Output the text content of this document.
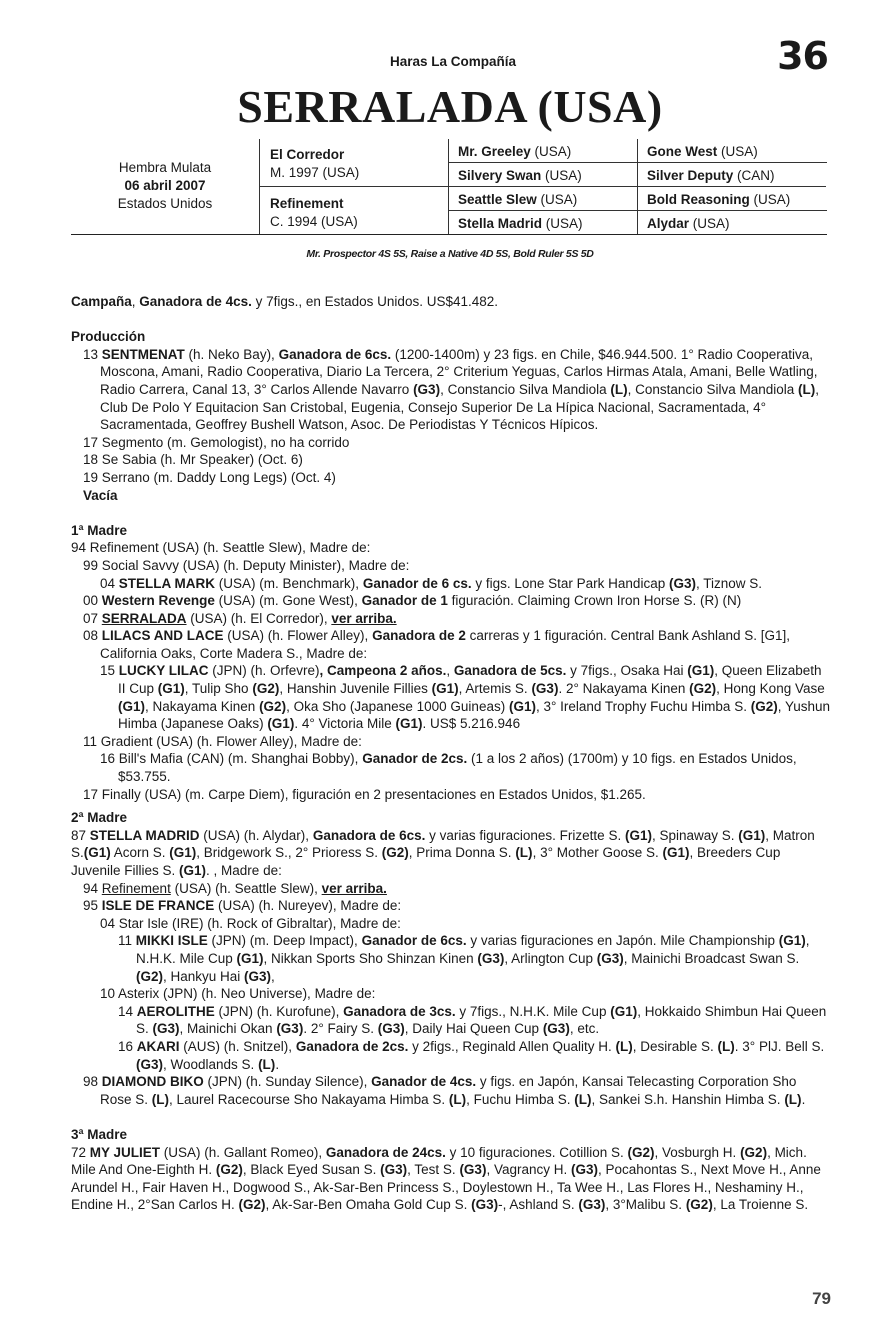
Haras La Compañía	36
SERRALADA (USA)
Hembra Mulata
06 abril 2007
Estados Unidos
El Corredor
M. 1997 (USA)
Refinement
C. 1994 (USA)
Mr. Greeley (USA)
Silvery Swan (USA)
Seattle Slew (USA)
Stella Madrid (USA)
Gone West (USA)
Silver Deputy (CAN)
Bold Reasoning (USA)
Alydar (USA)
Mr. Prospector 4S 5S, Raise a Native 4D 5S, Bold Ruler 5S 5D

Campaña, Ganadora de 4cs. y 7figs., en Estados Unidos. US$41.482.

Producción

13 SENTMENAT (h. Neko Bay), Ganadora de 6cs. (1200-1400m) y 23 figs. en Chile, $46.944.500. 1° Radio Cooperativa, Moscona, Amani, Radio Cooperativa, Diario La Tercera, 2° Criterium Yeguas, Carlos Hirmas Atala, Amani, Belle Watling, Radio Carrera, Canal 13, 3° Carlos Allende Navarro (G3), Constancio Silva Mandiola (L), Constancio Silva Mandiola (L), Club De Polo Y Equitacion San Cristobal, Eugenia, Consejo Superior De La Hípica Nacional, Sacramentada, 4° Sacramentada, Geoffrey Bushell Watson, Asoc. De Periodistas Y Técnicos Hípicos.

17 Segmento (m. Gemologist), no ha corrido

18 Se Sabia (h. Mr Speaker) (Oct. 6)

19 Serrano (m. Daddy Long Legs) (Oct. 4)

Vacía

1ª Madre

94 Refinement (USA) (h. Seattle Slew), Madre de:

99 Social Savvy (USA) (h. Deputy Minister), Madre de:

04 STELLA MARK (USA) (m. Benchmark), Ganador de 6 cs. y figs. Lone Star Park Handicap (G3), Tiznow S.

00 Western Revenge (USA) (m. Gone West), Ganador de 1 figuración. Claiming Crown Iron Horse S. (R) (N)

07 SERRALADA (USA) (h. El Corredor), ver arriba.

08 LILACS AND LACE (USA) (h. Flower Alley), Ganadora de 2 carreras y 1 figuración. Central Bank Ashland S. [G1], California Oaks, Corte Madera S., Madre de:

15 LUCKY LILAC (JPN) (h. Orfevre), Campeona 2 años., Ganadora de 5cs. y 7figs., Osaka Hai (G1), Queen Elizabeth II Cup (G1), Tulip Sho (G2), Hanshin Juvenile Fillies (G1), Artemis S. (G3). 2° Nakayama Kinen (G2), Hong Kong Vase (G1), Nakayama Kinen (G2), Oka Sho (Japanese 1000 Guineas) (G1), 3° Ireland Trophy Fuchu Himba S. (G2), Yushun Himba (Japanese Oaks) (G1). 4° Victoria Mile (G1). US$ 5.216.946

11 Gradient (USA) (h. Flower Alley), Madre de:

16 Bill's Mafia (CAN) (m. Shanghai Bobby), Ganador de 2cs. (1 a los 2 años) (1700m) y 10 figs. en Estados Unidos, $53.755.

17 Finally (USA) (m. Carpe Diem), figuración en 2 presentaciones en Estados Unidos, $1.265.

2ª Madre

87 STELLA MADRID (USA) (h. Alydar), Ganadora de 6cs. y varias figuraciones. Frizette S. (G1), Spinaway S. (G1), Matron S.(G1) Acorn S. (G1), Bridgework S., 2° Prioress S. (G2), Prima Donna S. (L), 3° Mother Goose S. (G1), Breeders Cup Juvenile Fillies S. (G1). , Madre de:

94 Refinement (USA) (h. Seattle Slew), ver arriba.

95 ISLE DE FRANCE (USA) (h. Nureyev), Madre de:

04 Star Isle (IRE) (h. Rock of Gibraltar), Madre de:

11 MIKKI ISLE (JPN) (m. Deep Impact), Ganador de 6cs. y varias figuraciones en Japón. Mile Championship (G1), N.H.K. Mile Cup (G1), Nikkan Sports Sho Shinzan Kinen (G3), Arlington Cup (G3), Mainichi Broadcast Swan S. (G2), Hankyu Hai (G3),

10 Asterix (JPN) (h. Neo Universe), Madre de:

14 AEROLITHE (JPN) (h. Kurofune), Ganadora de 3cs. y 7figs., N.H.K. Mile Cup (G1), Hokkaido Shimbun Hai Queen S. (G3), Mainichi Okan (G3). 2° Fairy S. (G3), Daily Hai Queen Cup (G3), etc.

16 AKARI (AUS) (h. Snitzel), Ganadora de 2cs. y 2figs., Reginald Allen Quality H. (L), Desirable S. (L). 3° PlJ. Bell S. (G3), Woodlands S. (L).

98 DIAMOND BIKO (JPN) (h. Sunday Silence), Ganador de 4cs. y figs. en Japón, Kansai Telecasting Corporation Sho Rose S. (L), Laurel Racecourse Sho Nakayama Himba S. (L), Fuchu Himba S. (L), Sankei S.h. Hanshin Himba S. (L).

3ª Madre

72 MY JULIET (USA) (h. Gallant Romeo), Ganadora de 24cs. y 10 figuraciones. Cotillion S. (G2), Vosburgh H. (G2), Mich. Mile And One-Eighth H. (G2), Black Eyed Susan S. (G3), Test S. (G3), Vagrancy H. (G3), Pocahontas S., Next Move H., Anne Arundel H., Fair Haven H., Dogwood S., Ak-Sar-Ben Princess S., Doylestown H., Ta Wee H., Las Flores H., Neshaminy H., Endine H., 2°San Carlos H. (G2), Ak-Sar-Ben Omaha Gold Cup S. (G3)-, Ashland S. (G3), 3°Malibu S. (G2), La Troienne S.

79
